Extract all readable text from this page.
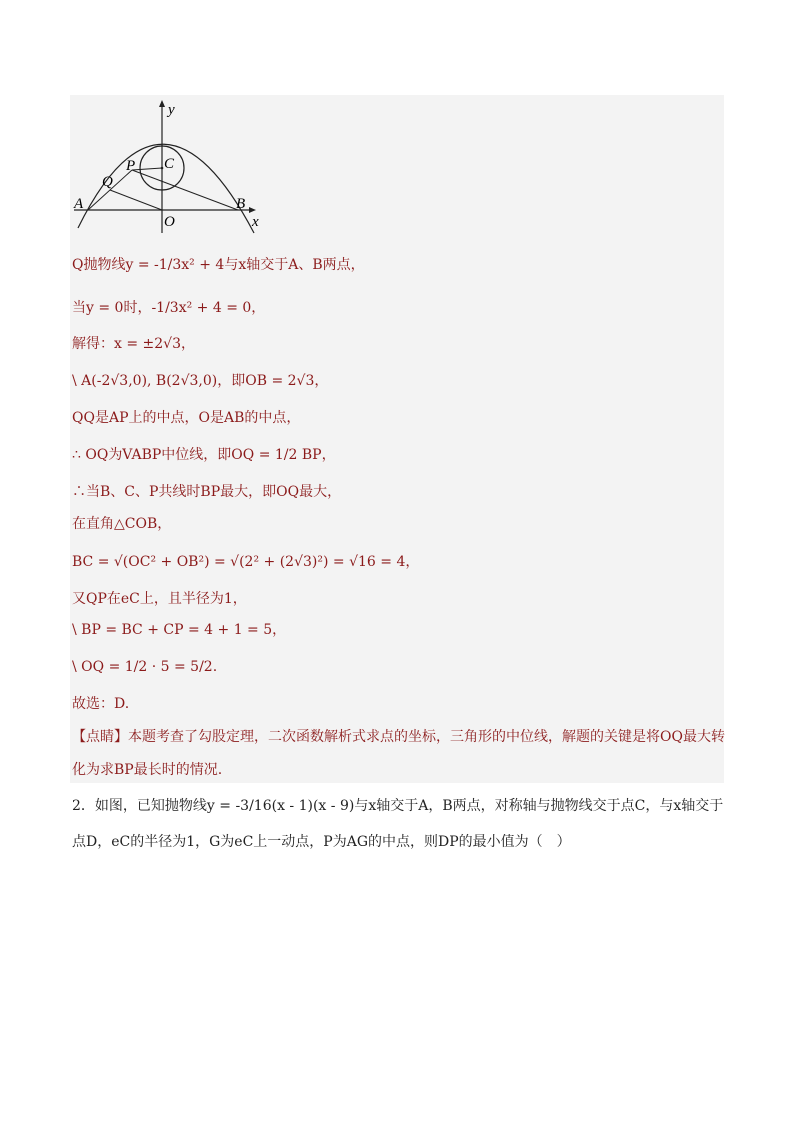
y
x
P C
Q
A	B
O
Q抛物线y = -1/3x² + 4与x轴交于A、B两点，
当y = 0时，-1/3x² + 4 = 0，
解得：x = ±2√3，
\ A(-2√3,0), B(2√3,0)，即OB = 2√3，
QQ是AP上的中点，O是AB的中点，
∴ OQ为VABP中位线，即OQ = 1/2 BP，
∴当B、C、P共线时BP最大，即OQ最大，
在直角△COB，
BC = √(OC² + OB²) = √(2² + (2√3)²) = √16 = 4，
又QP在eC上，且半径为1，
\ BP = BC + CP = 4 + 1 = 5，
\ OQ = 1/2 · 5 = 5/2.
故选：D.
【点睛】本题考查了勾股定理，二次函数解析式求点的坐标，三角形的中位线，解题的关键是将OQ最大转
化为求BP最长时的情况.
2．如图，已知抛物线y = -3/16(x - 1)(x - 9)与x轴交于A，B两点，对称轴与抛物线交于点C，与x轴交于
点D，eC的半径为1，G为eC上一动点，P为AG的中点，则DP的最小值为（　）
